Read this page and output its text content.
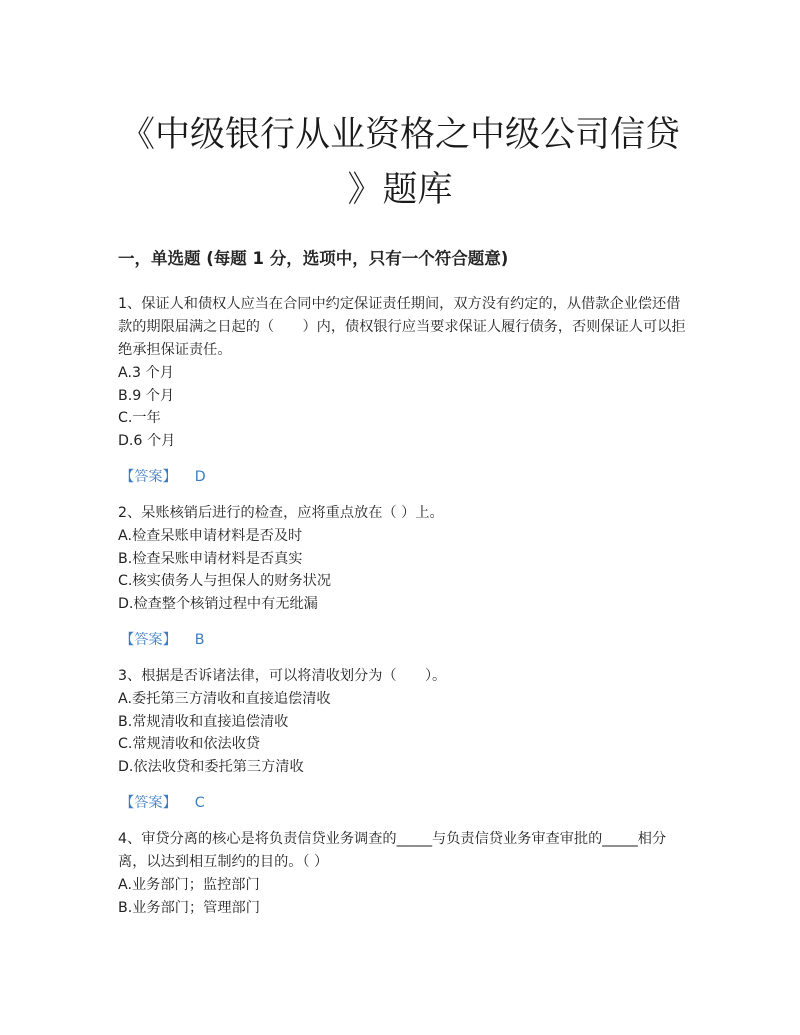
《中级银行从业资格之中级公司信贷
》题库
一，单选题 (每题 1 分，选项中，只有一个符合题意)

1、保证人和债权人应当在合同中约定保证责任期间，双方没有约定的，从借款企业偿还借款的期限届满之日起的（　　）内，债权银行应当要求保证人履行债务，否则保证人可以拒绝承担保证责任。

A.3 个月

B.9 个月

C.一年

D.6 个月

【答案】 D

2、呆账核销后进行的检查，应将重点放在（ ）上。

A.检查呆账申请材料是否及时

B.检查呆账申请材料是否真实

C.核实债务人与担保人的财务状况

D.检查整个核销过程中有无纰漏

【答案】 B

3、根据是否诉诸法律，可以将清收划分为（　　）。

A.委托第三方清收和直接追偿清收

B.常规清收和直接追偿清收

C.常规清收和依法收贷

D.依法收贷和委托第三方清收

【答案】 C

4、审贷分离的核心是将负责信贷业务调查的_____与负责信贷业务审查审批的_____相分离，以达到相互制约的目的。（ ）

A.业务部门；监控部门

B.业务部门；管理部门
